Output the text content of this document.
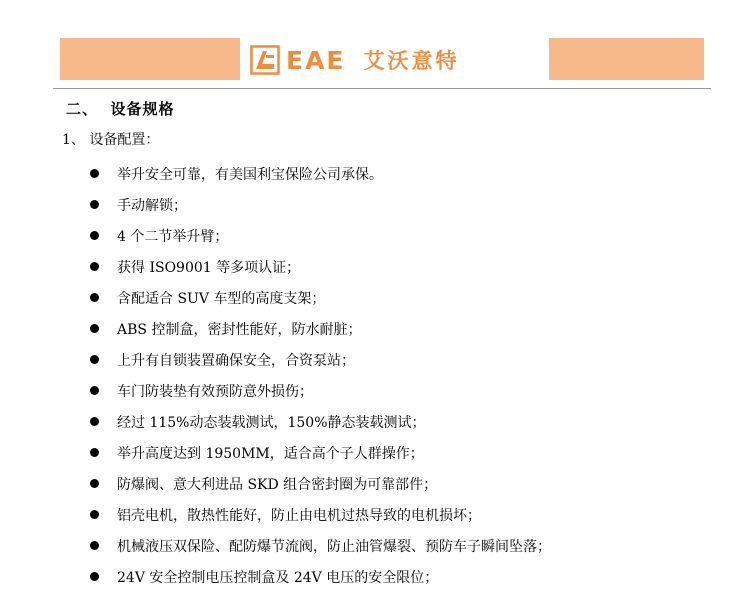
EAE 艾沃意特
二、 设备规格
1、 设备配置：
举升安全可靠，有美国利宝保险公司承保。
手动解锁；
4 个二节举升臂；
获得 ISO9001 等多项认证；
含配适合 SUV 车型的高度支架；
ABS 控制盒，密封性能好，防水耐脏；
上升有自锁装置确保安全，合资泵站；
车门防装垫有效预防意外损伤；
经过 115%动态装载测试，150%静态装载测试；
举升高度达到 1950MM，适合高个子人群操作；
防爆阀、意大利进品 SKD 组合密封圈为可靠部件；
铝壳电机，散热性能好，防止由电机过热导致的电机损坏；
机械液压双保险、配防爆节流阀，防止油管爆裂、预防车子瞬间坠落；
24V 安全控制电压控制盒及 24V 电压的安全限位；
